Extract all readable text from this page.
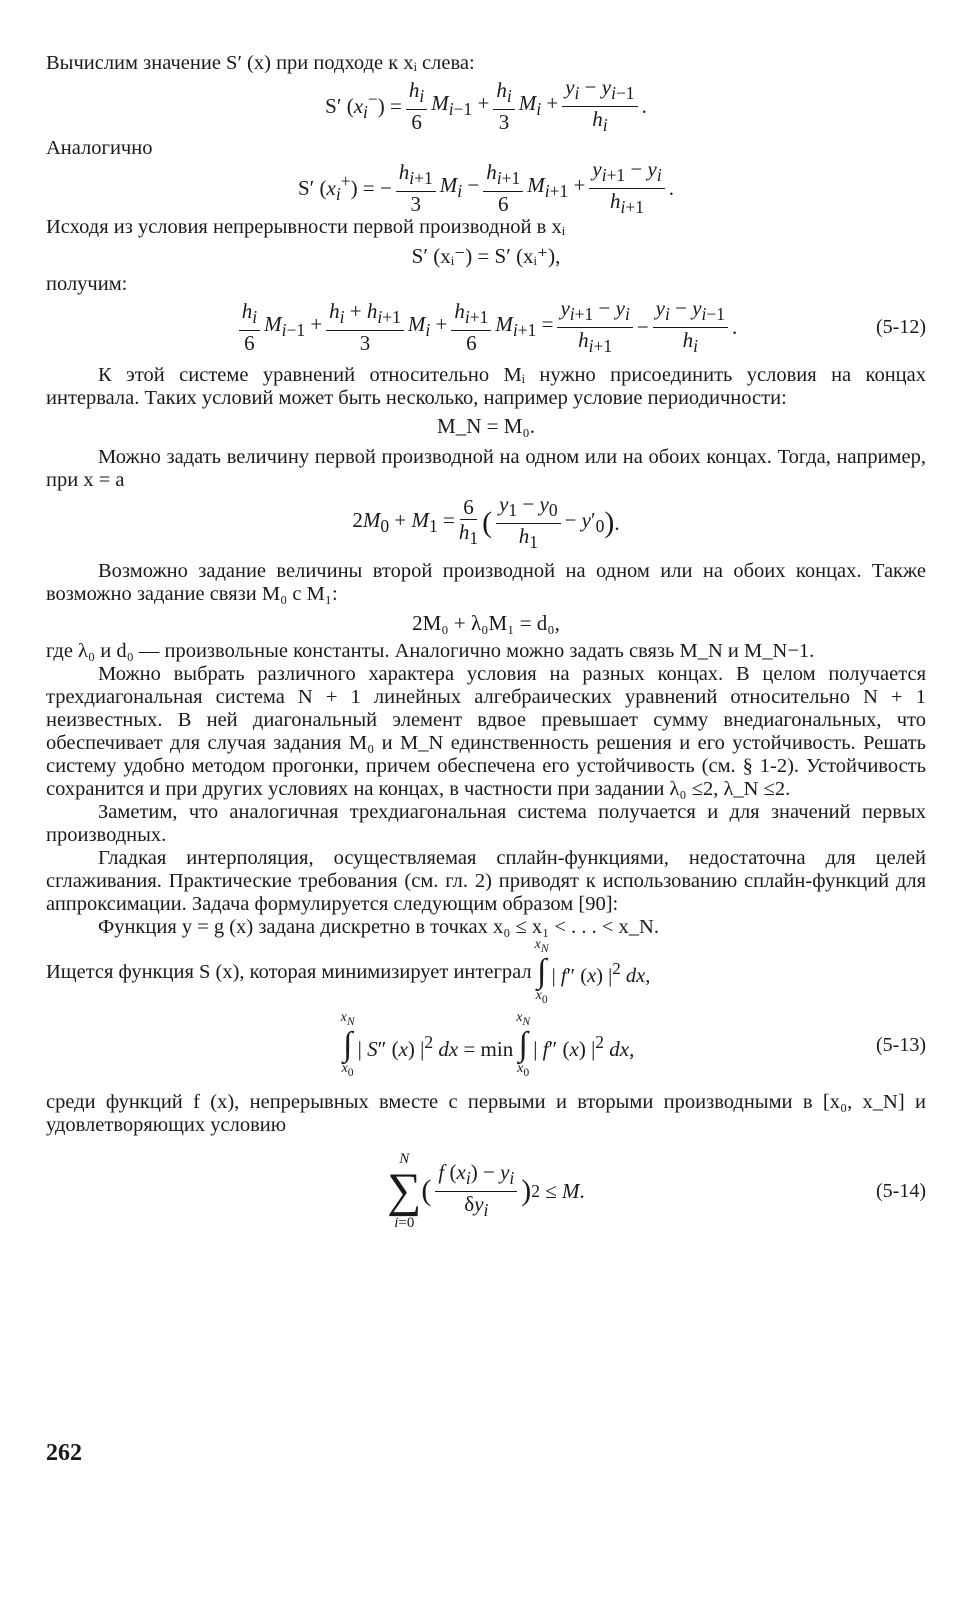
Вычислим значение S′ (x) при подходе к xᵢ слева:

S′ $(x_i^-) = \frac{h_i}{6} M_{i-1} + \frac{h_i}{3} M_i + \frac{y_i - y_{i-1}}{h_i}$ .

Аналогично

S′ $(x_i^+)$ = − $\frac{h_{i+1}}{3} M_i - \frac{h_{i+1}}{6} M_{i+1} + \frac{y_{i+1} - y_i}{h_{i+1}}$ .

Исходя из условия непрерывности первой производной в xᵢ

S′ (xᵢ⁻) = S′ (xᵢ⁺),

получим:

$h_i$
6
$M_{i-1} + \frac{h_i + h_{i+1}}{3} M_i + \frac{h_{i+1}}{6} M_{i+1} = \frac{y_{i+1} - y_i}{h_{i+1}} - \frac{y_i - y_{i-1}}{h_i}$ .	(5-12)

К этой системе уравнений относительно Mᵢ нужно присоединить условия на концах интервала. Таких условий может быть несколько, например условие периодичности:

M_N = M₀.

Можно задать величину первой производной на одном или на обоих концах. Тогда, например, при x = a

$2M_0 + M_1 = \frac{6}{h_1}$ (
$y_1 - y_0$
$h_1$
− $y'_0$ ) .

Возможно задание величины второй производной на одном или на обоих концах. Также возможно задание связи M₀ с M₁:

2M₀ + λ₀M₁ = d₀,

где λ₀ и d₀ — произвольные константы. Аналогично можно задать связь M_N и M_N−1.

Можно выбрать различного характера условия на разных концах. В целом получается трехдиагональная система N + 1 линейных алгебраических уравнений относительно N + 1 неизвестных. В ней диагональный элемент вдвое превышает сумму внедиагональных, что обеспечивает для случая задания M₀ и M_N единственность решения и его устойчивость. Решать систему удобно методом прогонки, причем обеспечена его устойчивость (см. § 1-2). Устойчивость сохранится и при других условиях на концах, в частности при задании λ₀ ≤2, λ_N ≤2.

Заметим, что аналогичная трехдиагональная система получается и для значений первых производных.

Гладкая интерполяция, осуществляемая сплайн-функциями, недостаточна для целей сглаживания. Практические требования (см. гл. 2) приводят к использованию сплайн-функций для аппроксимации. Задача формулируется следующим образом [90]:

Функция y = g (x) задана дискретно в точках x₀ ≤ x₁ < . . . < x_N.

Ищется функция S (x), которая минимизирует интеграл
$x_N$
∫
$x_0$
| f″ (x) $|^2$ dx,
$x_N$
∫
$x_0$
| S″ (x) $|^2$ dx = min
$x_N$
∫
$x_0$
| f″ (x) $|^2$ dx,	(5-13)

среди функций f (x), непрерывных вместе с первыми и вторыми производными в [x₀, x_N] и удовлетворяющих условию

N
∑
i=0
(
f $(x_i) - y_i$
$\delta y_i$
) 2 ≤ M.	(5-14)
262
